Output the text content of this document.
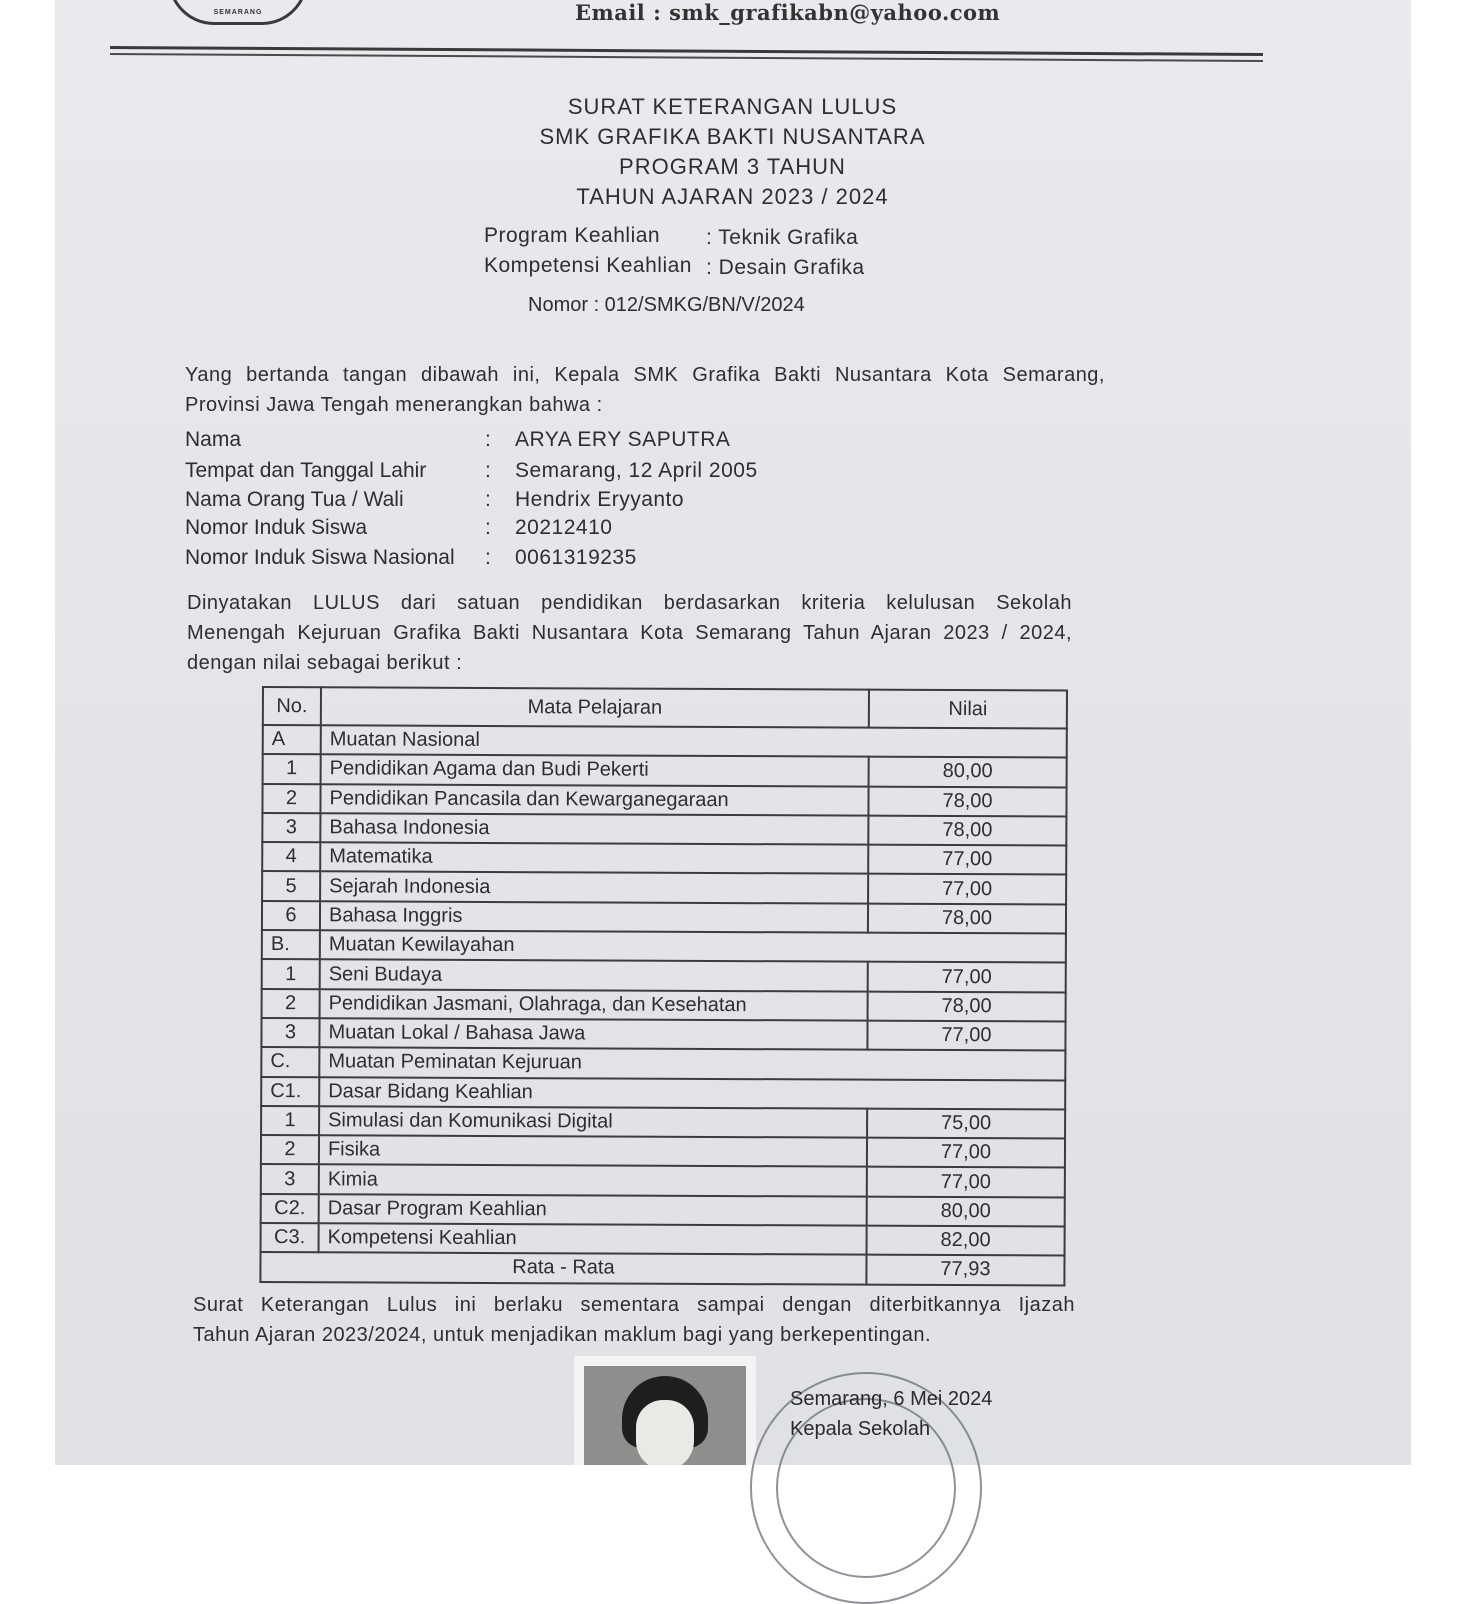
SEMARANG	Email : smk_grafikabn@yahoo.com
SURAT KETERANGAN LULUS
SMK GRAFIKA BAKTI NUSANTARA
PROGRAM 3 TAHUN
TAHUN AJARAN 2023 / 2024
Program Keahlian : Teknik Grafika
Kompetensi Keahlian : Desain Grafika
Nomor : 012/SMKG/BN/V/2024
Yang bertanda tangan dibawah ini, Kepala SMK Grafika Bakti Nusantara Kota Semarang,
Provinsi Jawa Tengah menerangkan bahwa :
Nama	: ARYA ERY SAPUTRA
Tempat dan Tanggal Lahir	: Semarang, 12 April 2005
Nama Orang Tua / Wali	: Hendrix Eryyanto
Nomor Induk Siswa	: 20212410
Nomor Induk Siswa Nasional	: 0061319235
Dinyatakan LULUS dari satuan pendidikan berdasarkan kriteria kelulusan Sekolah
Menengah Kejuruan Grafika Bakti Nusantara Kota Semarang Tahun Ajaran 2023 / 2024,
dengan nilai sebagai berikut :
No.	Mata Pelajaran	Nilai
A	Muatan Nasional	
1	Pendidikan Agama dan Budi Pekerti	80,00
2	Pendidikan Pancasila dan Kewarganegaraan	78,00
3	Bahasa Indonesia	78,00
4	Matematika	77,00
5	Sejarah Indonesia	77,00
6	Bahasa Inggris	78,00
B.	Muatan Kewilayahan	
1	Seni Budaya	77,00
2	Pendidikan Jasmani, Olahraga, dan Kesehatan	78,00
3	Muatan Lokal / Bahasa Jawa	77,00
C.	Muatan Peminatan Kejuruan	
C1.	Dasar Bidang Keahlian	
1	Simulasi dan Komunikasi Digital	75,00
2	Fisika	77,00
3	Kimia	77,00
C2.	Dasar Program Keahlian	80,00
C3.	Kompetensi Keahlian	82,00
Rata - Rata		77,93
Surat Keterangan Lulus ini berlaku sementara sampai dengan diterbitkannya Ijazah
Tahun Ajaran 2023/2024, untuk menjadikan maklum bagi yang berkepentingan.
Semarang, 6 Mei 2024
Kepala Sekolah
